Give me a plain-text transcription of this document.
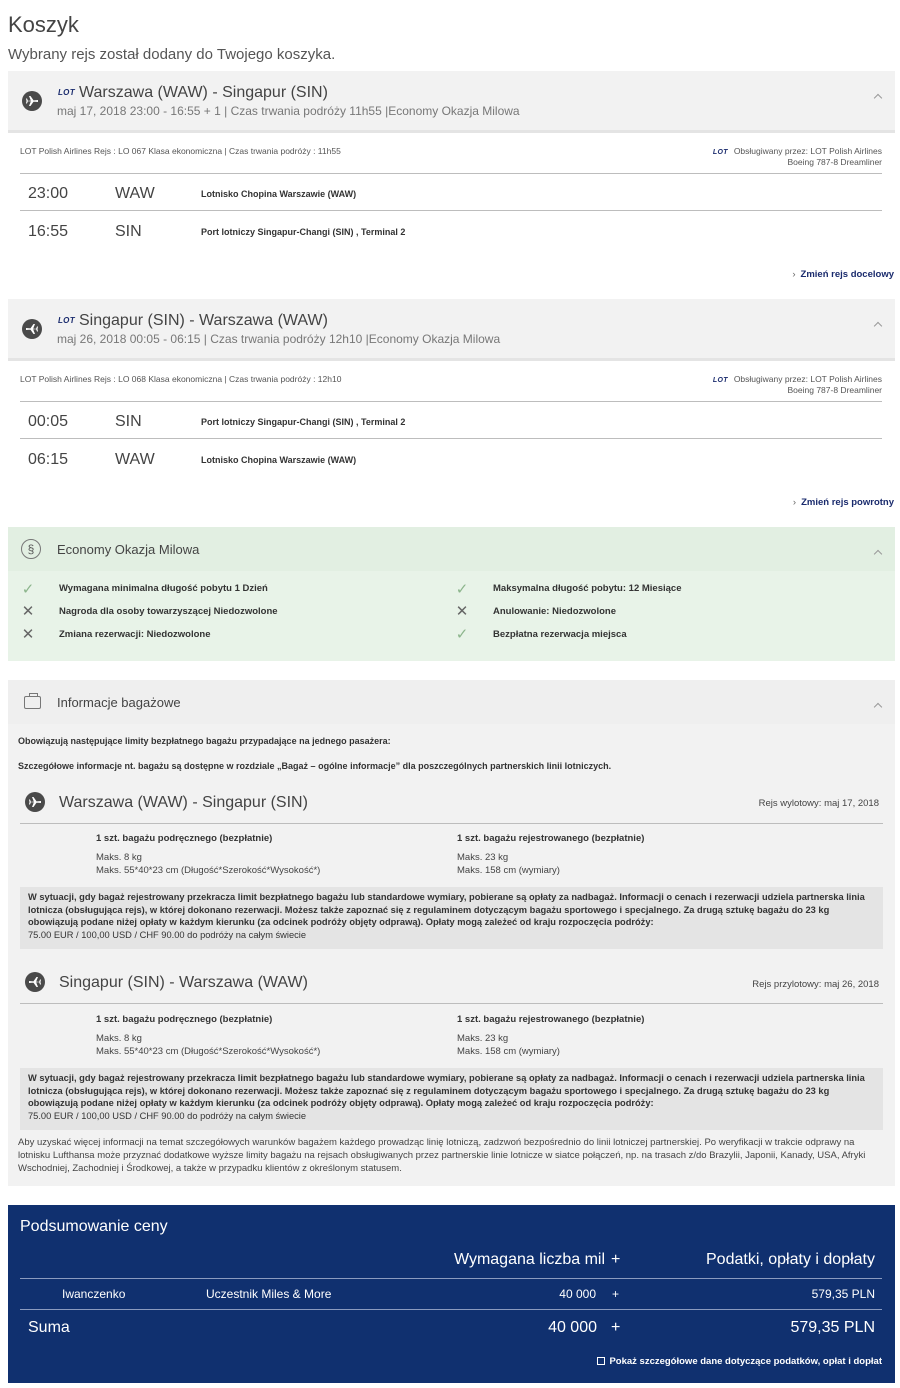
Koszyk
Wybrany rejs został dodany do Twojego koszyka.
LOT Warszawa (WAW) - Singapur (SIN)
maj 17, 2018 23:00 - 16:55 + 1 | Czas trwania podróży 11h55 |Economy Okazja Milowa
LOT Polish Airlines Rejs : LO 067 Klasa ekonomiczna | Czas trwania podróży : 11h55	LOT Obsługiwany przez: LOT Polish Airlines
Boeing 787-8 Dreamliner
23:00	WAW	Lotnisko Chopina Warszawie (WAW)
16:55	SIN	Port lotniczy Singapur-Changi (SIN) , Terminal 2
› Zmień rejs docelowy
LOT Singapur (SIN) - Warszawa (WAW)
maj 26, 2018 00:05 - 06:15 | Czas trwania podróży 12h10 |Economy Okazja Milowa
LOT Polish Airlines Rejs : LO 068 Klasa ekonomiczna | Czas trwania podróży : 12h10	LOT Obsługiwany przez: LOT Polish Airlines
Boeing 787-8 Dreamliner
00:05	SIN	Port lotniczy Singapur-Changi (SIN) , Terminal 2
06:15	WAW	Lotnisko Chopina Warszawie (WAW)
› Zmień rejs powrotny
§	Economy Okazja Milowa
✓	Wymagana minimalna długość pobytu 1 Dzień	✓	Maksymalna długość pobytu: 12 Miesiące
✕	Nagroda dla osoby towarzyszącej Niedozwolone	✕	Anulowanie: Niedozwolone
✕	Zmiana rezerwacji: Niedozwolone	✓	Bezpłatna rezerwacja miejsca
Informacje bagażowe
Obowiązują następujące limity bezpłatnego bagażu przypadające na jednego pasażera:
Szczegółowe informacje nt. bagażu są dostępne w rozdziale „Bagaż – ogólne informacje” dla poszczególnych partnerskich linii lotniczych.
Warszawa (WAW) - Singapur (SIN)	Rejs wylotowy: maj 17, 2018
1 szt. bagażu podręcznego (bezpłatnie)
Maks. 8 kg
Maks. 55*40*23 cm (Długość*Szerokość*Wysokość*)
1 szt. bagażu rejestrowanego (bezpłatnie)
Maks. 23 kg
Maks. 158 cm (wymiary)
W sytuacji, gdy bagaż rejestrowany przekracza limit bezpłatnego bagażu lub standardowe wymiary, pobierane są opłaty za nadbagaż. Informacji o cenach i rezerwacji udziela partnerska linia lotnicza (obsługująca rejs), w której dokonano rezerwacji. Możesz także zapoznać się z regulaminem dotyczącym bagażu sportowego i specjalnego. Za drugą sztukę bagażu do 23 kg obowiązują podane niżej opłaty w każdym kierunku (za odcinek podróży objęty odprawą). Opłaty mogą zależeć od kraju rozpoczęcia podróży:
75.00 EUR / 100,00 USD / CHF 90.00 do podróży na całym świecie
Singapur (SIN) - Warszawa (WAW)	Rejs przylotowy: maj 26, 2018
1 szt. bagażu podręcznego (bezpłatnie)
Maks. 8 kg
Maks. 55*40*23 cm (Długość*Szerokość*Wysokość*)
1 szt. bagażu rejestrowanego (bezpłatnie)
Maks. 23 kg
Maks. 158 cm (wymiary)
W sytuacji, gdy bagaż rejestrowany przekracza limit bezpłatnego bagażu lub standardowe wymiary, pobierane są opłaty za nadbagaż. Informacji o cenach i rezerwacji udziela partnerska linia lotnicza (obsługująca rejs), w której dokonano rezerwacji. Możesz także zapoznać się z regulaminem dotyczącym bagażu sportowego i specjalnego. Za drugą sztukę bagażu do 23 kg obowiązują podane niżej opłaty w każdym kierunku (za odcinek podróży objęty odprawą). Opłaty mogą zależeć od kraju rozpoczęcia podróży:
75.00 EUR / 100,00 USD / CHF 90.00 do podróży na całym świecie
Aby uzyskać więcej informacji na temat szczegółowych warunków bagażem każdego prowadząc linię lotniczą, zadzwoń bezpośrednio do linii lotniczej partnerskiej. Po weryfikacji w trakcie odprawy na lotnisku Lufthansa może przyznać dodatkowe wyższe limity bagażu na rejsach obsługiwanych przez partnerskie linie lotnicze w siatce połączeń, np. na trasach z/do Brazylii, Japonii, Kanady, USA, Afryki Wschodniej, Zachodniej i Środkowej, a także w przypadku klientów z określonym statusem.
Podsumowanie ceny
Wymagana liczba mil +	Podatki, opłaty i dopłaty
Iwanczenko	Uczestnik Miles & More	40 000 +	579,35 PLN
Suma	40 000 +	579,35 PLN
Pokaż szczegółowe dane dotyczące podatków, opłat i dopłat
